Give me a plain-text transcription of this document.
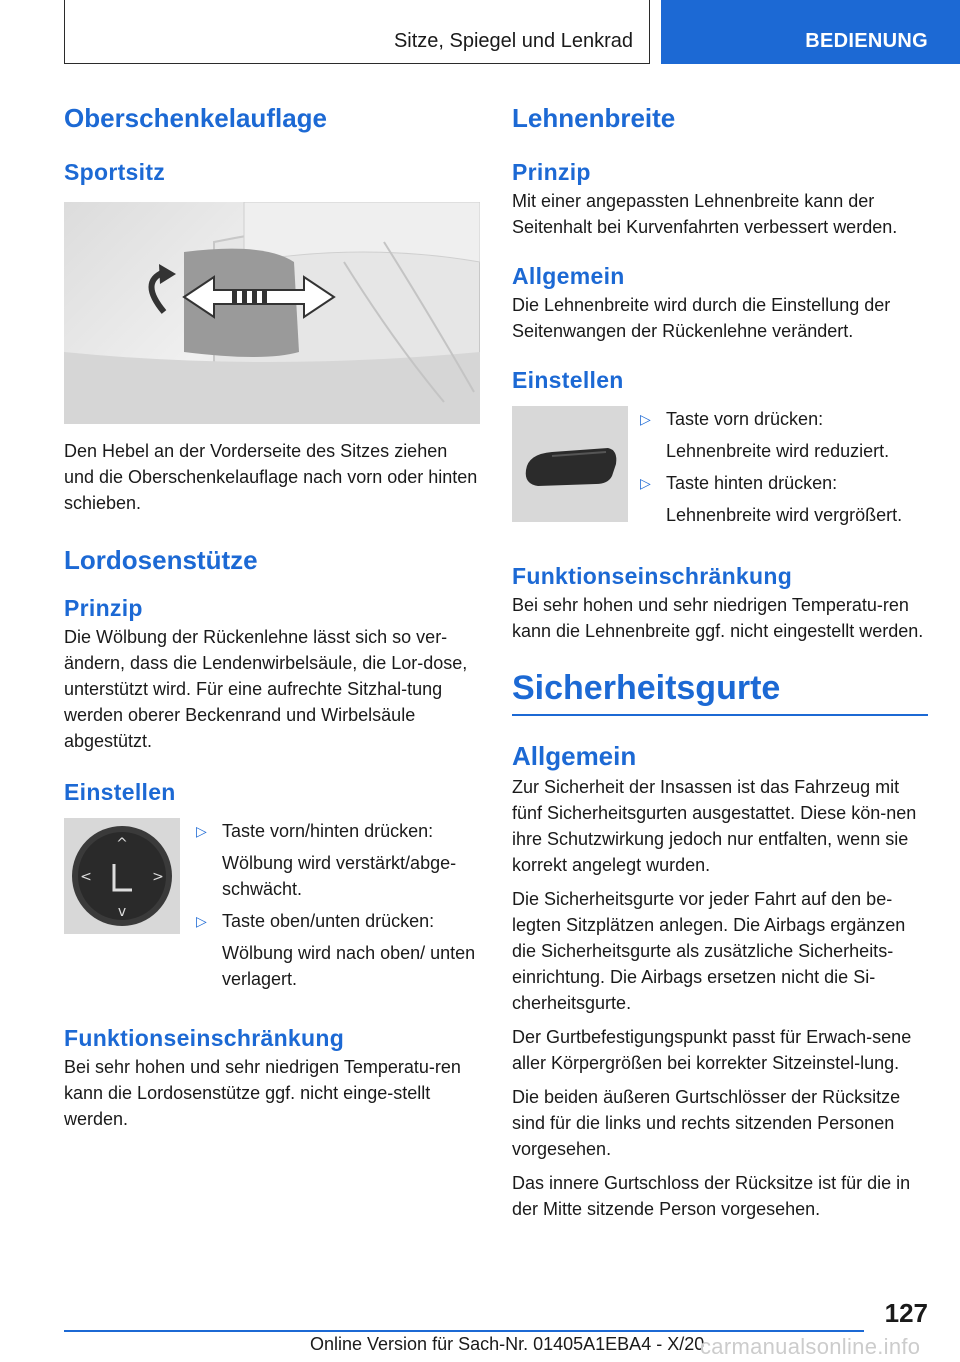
Sitze, Spiegel und Lenkrad	BEDIENUNG
Oberschenkelauflage
Sportsitz
Den Hebel an der Vorderseite des Sitzes ziehen und die Oberschenkelauflage nach vorn oder hinten schieben.
Lordosenstütze
Prinzip
Die Wölbung der Rückenlehne lässt sich so ver-ändern, dass die Lendenwirbelsäule, die Lor-dose, unterstützt wird. Für eine aufrechte Sitzhal-tung werden oberer Beckenrand und Wirbelsäule abgestützt.
Einstellen
^
v
<	>
▷ Taste vorn/hinten drücken:
Wölbung wird verstärkt/abge-schwächt.
▷ Taste oben/unten drücken:
Wölbung wird nach oben/ unten verlagert.
Funktionseinschränkung
Bei sehr hohen und sehr niedrigen Temperatu-ren kann die Lordosenstütze ggf. nicht einge-stellt werden.
Lehnenbreite
Prinzip
Mit einer angepassten Lehnenbreite kann der Seitenhalt bei Kurvenfahrten verbessert werden.
Allgemein
Die Lehnenbreite wird durch die Einstellung der Seitenwangen der Rückenlehne verändert.
Einstellen
▷ Taste vorn drücken:
Lehnenbreite wird reduziert.
▷ Taste hinten drücken:
Lehnenbreite wird vergrößert.
Funktionseinschränkung
Bei sehr hohen und sehr niedrigen Temperatu-ren kann die Lehnenbreite ggf. nicht eingestellt werden.
Sicherheitsgurte
Allgemein
Zur Sicherheit der Insassen ist das Fahrzeug mit fünf Sicherheitsgurten ausgestattet. Diese kön-nen ihre Schutzwirkung jedoch nur entfalten, wenn sie korrekt angelegt wurden.
Die Sicherheitsgurte vor jeder Fahrt auf den be-legten Sitzplätzen anlegen. Die Airbags ergänzen die Sicherheitsgurte als zusätzliche Sicherheits-einrichtung. Die Airbags ersetzen nicht die Si-cherheitsgurte.
Der Gurtbefestigungspunkt passt für Erwach-sene aller Körpergrößen bei korrekter Sitzeinstel-lung.
Die beiden äußeren Gurtschlösser der Rücksitze sind für die links und rechts sitzenden Personen vorgesehen.
Das innere Gurtschloss der Rücksitze ist für die in der Mitte sitzende Person vorgesehen.
127
Online Version für Sach-Nr. 01405A1EBA4 - X/20
carmanualsonline.info
